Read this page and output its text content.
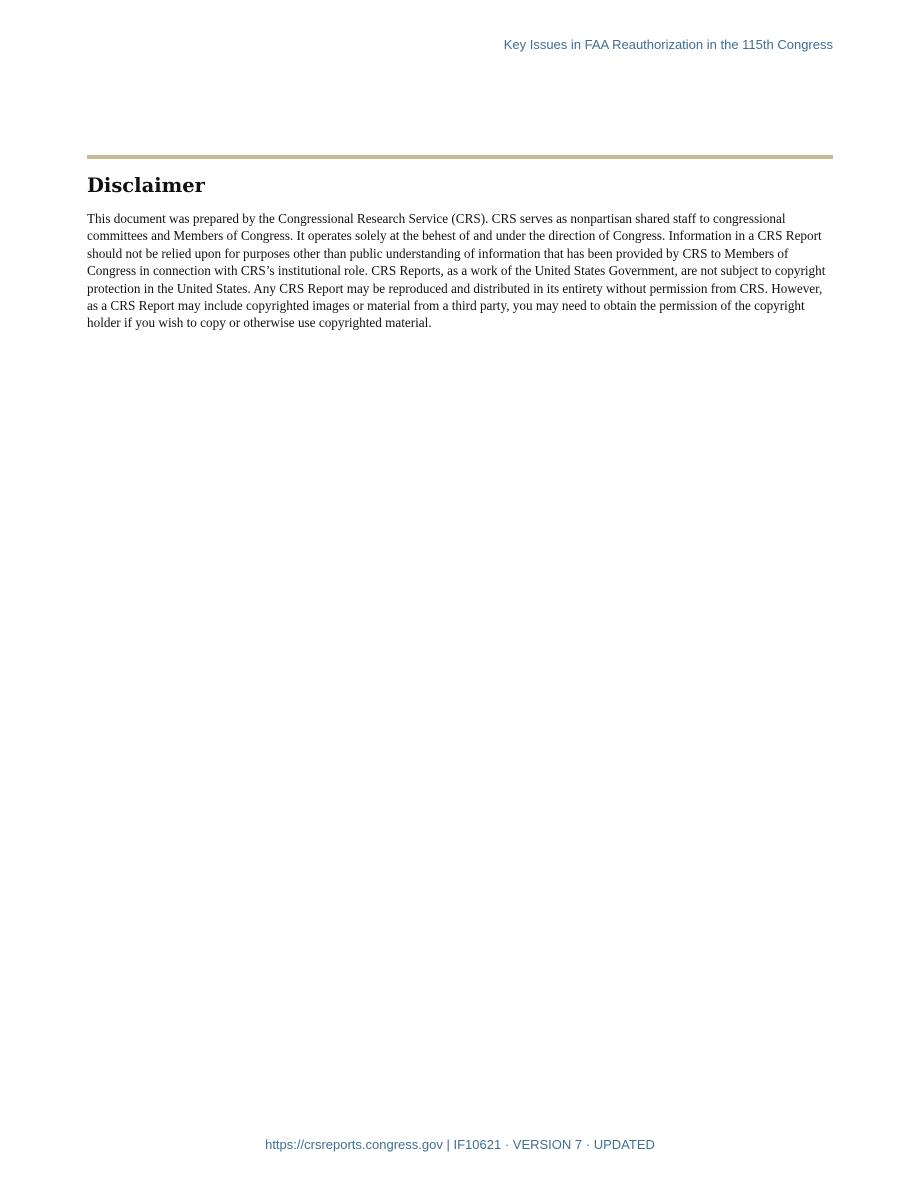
Key Issues in FAA Reauthorization in the 115th Congress
Disclaimer

This document was prepared by the Congressional Research Service (CRS). CRS serves as nonpartisan shared staff to congressional committees and Members of Congress. It operates solely at the behest of and under the direction of Congress. Information in a CRS Report should not be relied upon for purposes other than public understanding of information that has been provided by CRS to Members of Congress in connection with CRS’s institutional role. CRS Reports, as a work of the United States Government, are not subject to copyright protection in the United States. Any CRS Report may be reproduced and distributed in its entirety without permission from CRS. However, as a CRS Report may include copyrighted images or material from a third party, you may need to obtain the permission of the copyright holder if you wish to copy or otherwise use copyrighted material.

https://crsreports.congress.gov | IF10621 · VERSION 7 · UPDATED
